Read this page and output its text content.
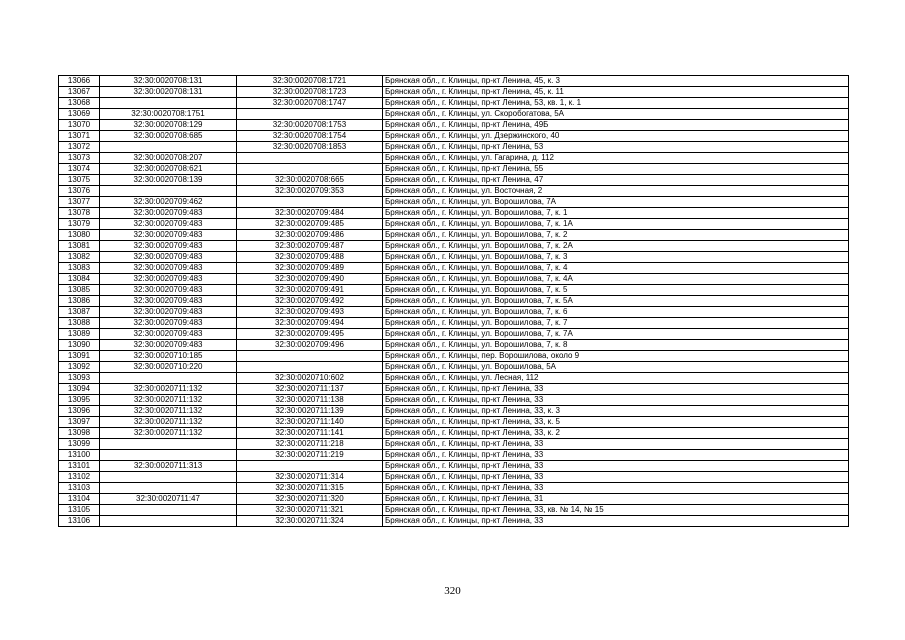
13066	32:30:0020708:131	32:30:0020708:1721	Брянская обл., г. Клинцы, пр-кт Ленина, 45, к. 3
13067	32:30:0020708:131	32:30:0020708:1723	Брянская обл., г. Клинцы, пр-кт Ленина, 45, к. 11
13068		32:30:0020708:1747	Брянская обл., г. Клинцы, пр-кт Ленина, 53, кв. 1, к. 1
13069	32:30:0020708:1751		Брянская обл., г. Клинцы, ул. Скоробогатова, 5А
13070	32:30:0020708:129	32:30:0020708:1753	Брянская обл., г. Клинцы, пр-кт Ленина, 49Б
13071	32:30:0020708:685	32:30:0020708:1754	Брянская обл., г. Клинцы, ул. Дзержинского, 40
13072		32:30:0020708:1853	Брянская обл., г. Клинцы, пр-кт Ленина, 53
13073	32:30:0020708:207		Брянская обл., г. Клинцы, ул. Гагарина, д. 112
13074	32:30:0020708:621		Брянская обл., г. Клинцы, пр-кт Ленина, 55
13075	32:30:0020708:139	32:30:0020708:665	Брянская обл., г. Клинцы, пр-кт Ленина, 47
13076		32:30:0020709:353	Брянская обл., г. Клинцы, ул. Восточная, 2
13077	32:30:0020709:462		Брянская обл., г. Клинцы, ул. Ворошилова, 7А
13078	32:30:0020709:483	32:30:0020709:484	Брянская обл., г. Клинцы, ул. Ворошилова, 7, к. 1
13079	32:30:0020709:483	32:30:0020709:485	Брянская обл., г. Клинцы, ул. Ворошилова, 7, к. 1А
13080	32:30:0020709:483	32:30:0020709:486	Брянская обл., г. Клинцы, ул. Ворошилова, 7, к. 2
13081	32:30:0020709:483	32:30:0020709:487	Брянская обл., г. Клинцы, ул. Ворошилова, 7, к. 2А
13082	32:30:0020709:483	32:30:0020709:488	Брянская обл., г. Клинцы, ул. Ворошилова, 7, к. 3
13083	32:30:0020709:483	32:30:0020709:489	Брянская обл., г. Клинцы, ул. Ворошилова, 7, к. 4
13084	32:30:0020709:483	32:30:0020709:490	Брянская обл., г. Клинцы, ул. Ворошилова, 7, к. 4А
13085	32:30:0020709:483	32:30:0020709:491	Брянская обл., г. Клинцы, ул. Ворошилова, 7, к. 5
13086	32:30:0020709:483	32:30:0020709:492	Брянская обл., г. Клинцы, ул. Ворошилова, 7, к. 5А
13087	32:30:0020709:483	32:30:0020709:493	Брянская обл., г. Клинцы, ул. Ворошилова, 7, к. 6
13088	32:30:0020709:483	32:30:0020709:494	Брянская обл., г. Клинцы, ул. Ворошилова, 7, к. 7
13089	32:30:0020709:483	32:30:0020709:495	Брянская обл., г. Клинцы, ул. Ворошилова, 7, к. 7А
13090	32:30:0020709:483	32:30:0020709:496	Брянская обл., г. Клинцы, ул. Ворошилова, 7, к. 8
13091	32:30:0020710:185		Брянская обл., г. Клинцы, пер. Ворошилова, около 9
13092	32:30:0020710:220		Брянская обл., г. Клинцы, ул. Ворошилова, 5А
13093		32:30:0020710:602	Брянская обл., г. Клинцы, ул. Лесная, 112
13094	32:30:0020711:132	32:30:0020711:137	Брянская обл., г. Клинцы, пр-кт Ленина, 33
13095	32:30:0020711:132	32:30:0020711:138	Брянская обл., г. Клинцы, пр-кт Ленина, 33
13096	32:30:0020711:132	32:30:0020711:139	Брянская обл., г. Клинцы, пр-кт Ленина, 33, к. 3
13097	32:30:0020711:132	32:30:0020711:140	Брянская обл., г. Клинцы, пр-кт Ленина, 33, к. 5
13098	32:30:0020711:132	32:30:0020711:141	Брянская обл., г. Клинцы, пр-кт Ленина, 33, к. 2
13099		32:30:0020711:218	Брянская обл., г. Клинцы, пр-кт Ленина, 33
13100		32:30:0020711:219	Брянская обл., г. Клинцы, пр-кт Ленина, 33
13101	32:30:0020711:313		Брянская обл., г. Клинцы, пр-кт Ленина, 33
13102		32:30:0020711:314	Брянская обл., г. Клинцы, пр-кт Ленина, 33
13103		32:30:0020711:315	Брянская обл., г. Клинцы, пр-кт Ленина, 33
13104	32:30:0020711:47	32:30:0020711:320	Брянская обл., г. Клинцы, пр-кт Ленина, 31
13105		32:30:0020711:321	Брянская обл., г. Клинцы, пр-кт Ленина, 33, кв. № 14, № 15
13106		32:30:0020711:324	Брянская обл., г. Клинцы, пр-кт Ленина, 33
320
